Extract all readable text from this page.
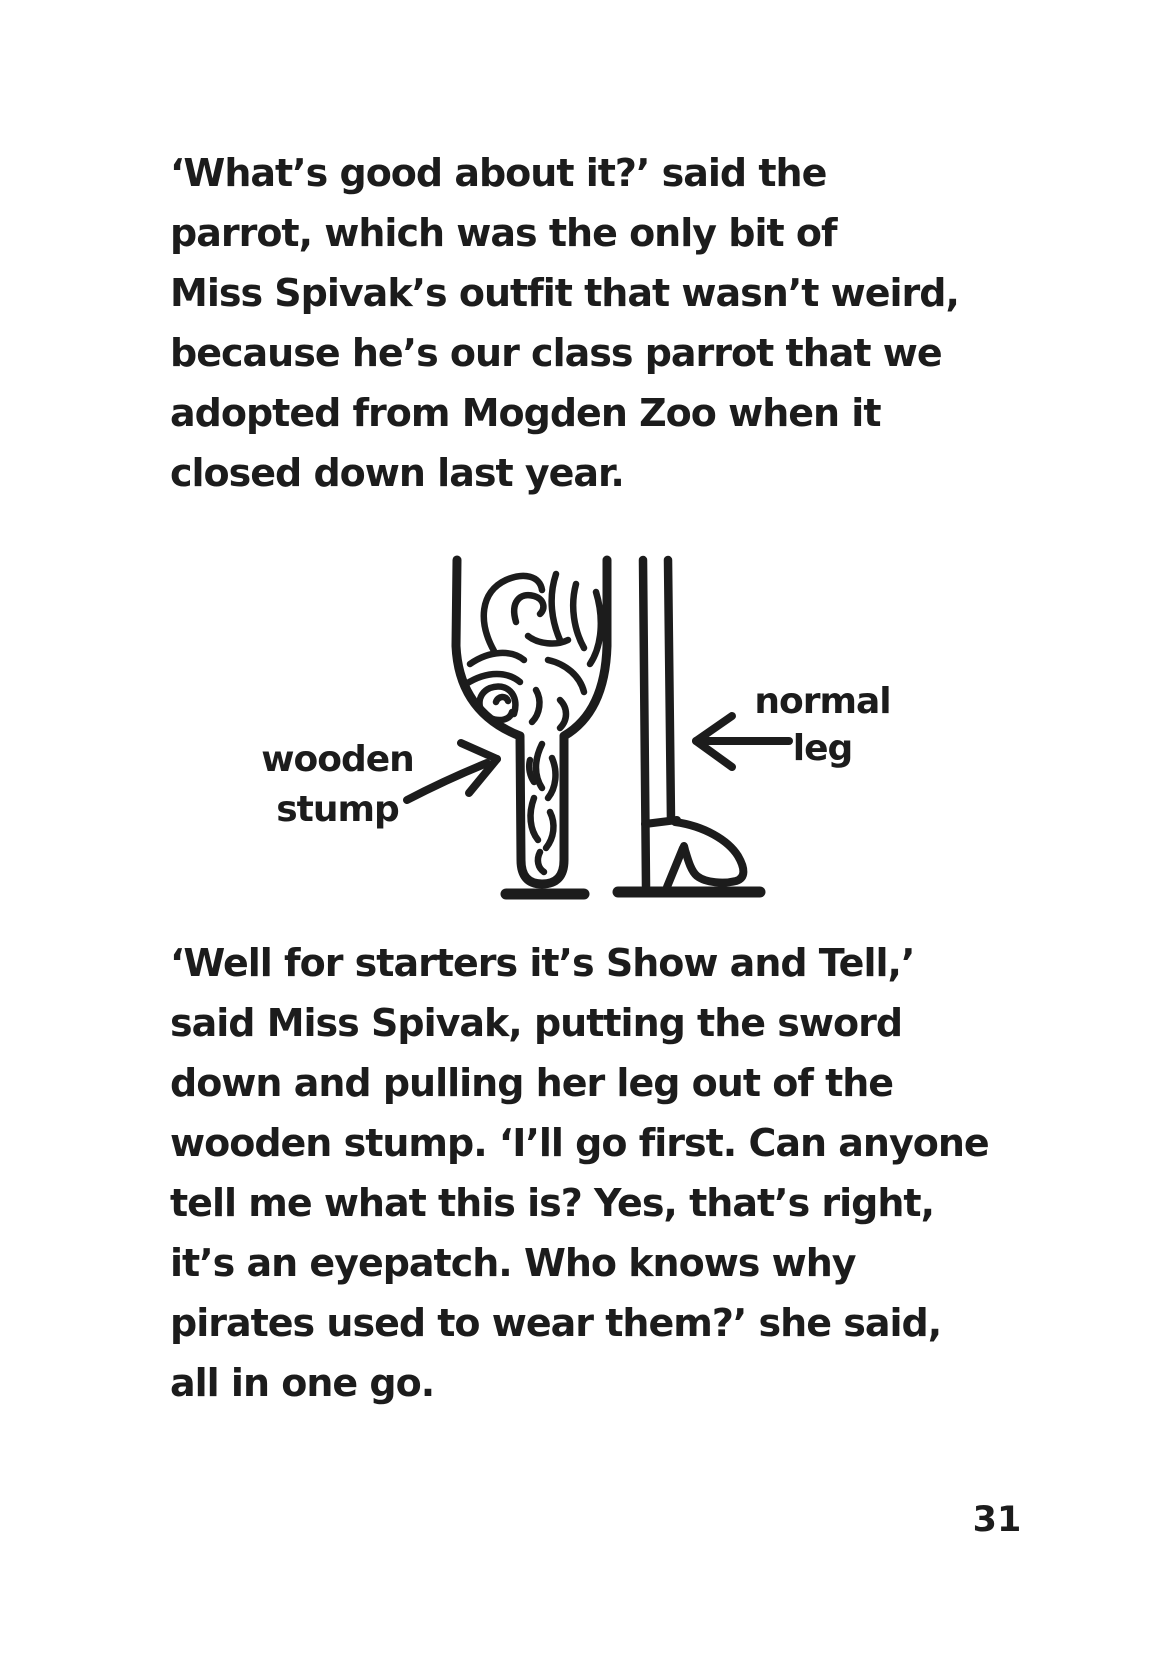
‘What’s good about it?’ said the
parrot, which was the only bit of
Miss Spivak’s outfit that wasn’t weird,
because he’s our class parrot that we
adopted from Mogden Zoo when it
closed down last year.
wooden
stump
normal
leg
‘Well for starters it’s Show and Tell,’
said Miss Spivak, putting the sword
down and pulling her leg out of the
wooden stump. ‘I’ll go first. Can anyone
tell me what this is? Yes, that’s right,
it’s an eyepatch. Who knows why
pirates used to wear them?’ she said,
all in one go.
31
